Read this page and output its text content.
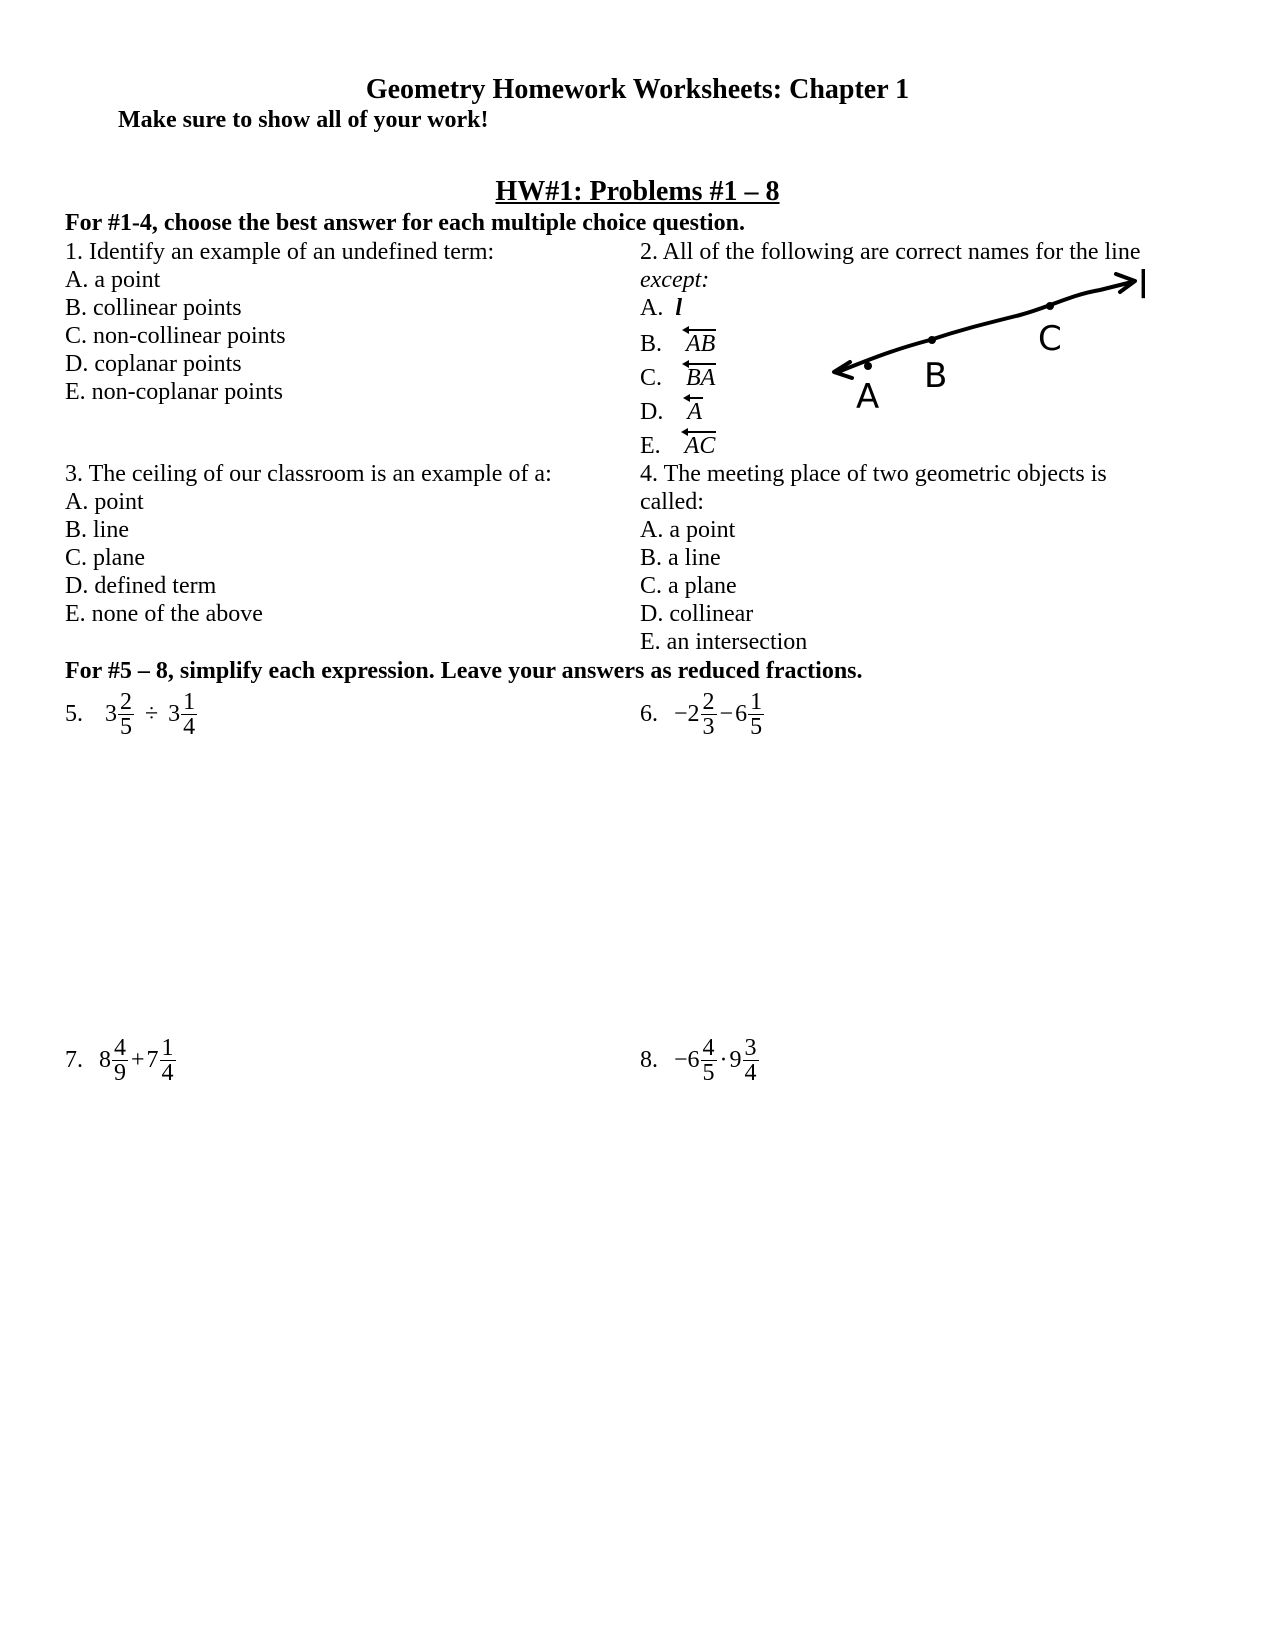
Geometry Homework Worksheets: Chapter 1
Make sure to show all of your work!
HW#1: Problems #1 – 8
For #1-4, choose the best answer for each multiple choice question.
1. Identify an example of an undefined term:
A. a point
B. collinear points
C. non-collinear points
D. coplanar points
E. non-coplanar points
2. All of the following are correct names for the line
except:
A. l
B. AB
C. BA
D. A
E. AC
A
B
C
l
3. The ceiling of our classroom is an example of a:
A. point
B. line
C. plane
D. defined term
E. none of the above
4. The meeting place of two geometric objects is
called:
A. a point
B. a line
C. a plane
D. collinear
E. an intersection
For #5 – 8, simplify each expression. Leave your answers as reduced fractions.
5. $3 \frac{2}{5} \div 3 \frac{1}{4}$	6. $-2 \frac{2}{3} - 6 \frac{1}{5}$
7. $8 \frac{4}{9} + 7 \frac{1}{4}$	8. $-6 \frac{4}{5} \cdot 9 \frac{3}{4}$
